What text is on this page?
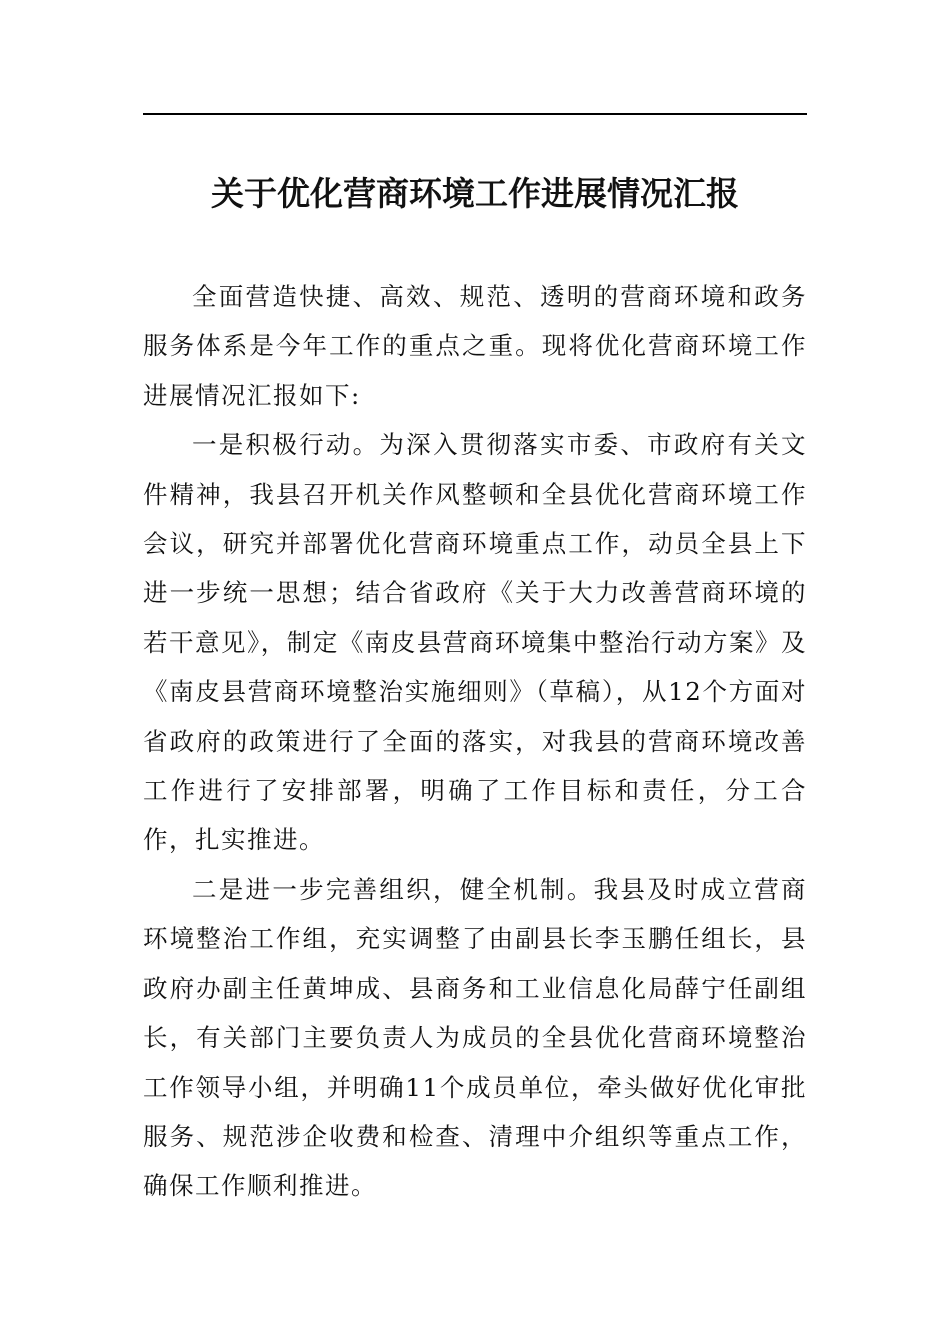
关于优化营商环境工作进展情况汇报

全面营造快捷、高效、规范、透明的营商环境和政务服务体系是今年工作的重点之重。现将优化营商环境工作进展情况汇报如下:

一是积极行动。为深入贯彻落实市委、市政府有关文件精神，我县召开机关作风整顿和全县优化营商环境工作会议，研究并部署优化营商环境重点工作，动员全县上下进一步统一思想；结合省政府《关于大力改善营商环境的若干意见》，制定《南皮县营商环境集中整治行动方案》及《南皮县营商环境整治实施细则》（草稿），从12个方面对省政府的政策进行了全面的落实，对我县的营商环境改善工作进行了安排部署，明确了工作目标和责任，分工合作，扎实推进。

二是进一步完善组织，健全机制。我县及时成立营商环境整治工作组，充实调整了由副县长李玉鹏任组长，县政府办副主任黄坤成、县商务和工业信息化局薛宁任副组长，有关部门主要负责人为成员的全县优化营商环境整治工作领导小组，并明确11个成员单位，牵头做好优化审批服务、规范涉企收费和检查、清理中介组织等重点工作，确保工作顺利推进。
